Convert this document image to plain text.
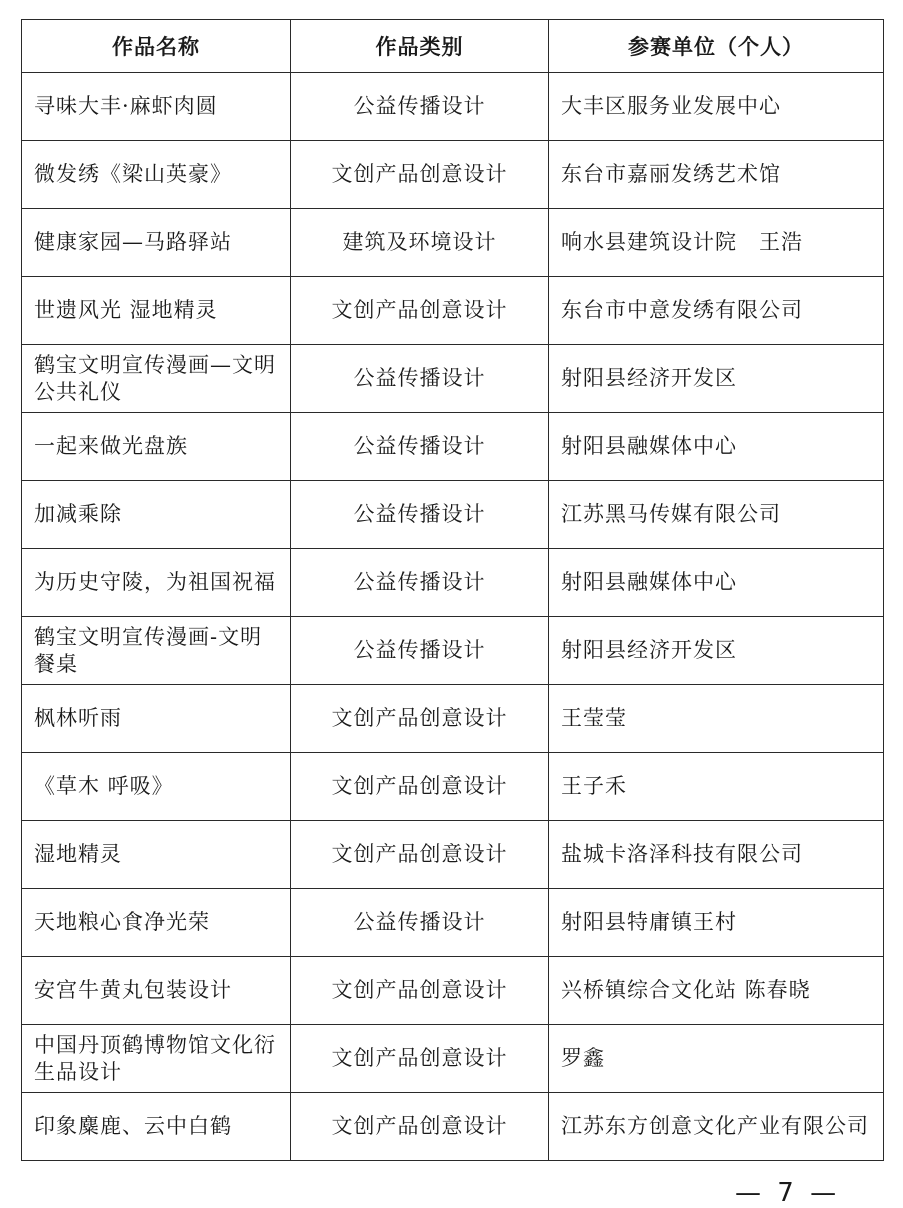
作品名称	作品类别	参赛单位（个人）
寻味大丰·麻虾肉圆	公益传播设计	大丰区服务业发展中心
微发绣《梁山英豪》	文创产品创意设计	东台市嘉丽发绣艺术馆
健康家园—马路驿站	建筑及环境设计	响水县建筑设计院　王浩
世遗风光 湿地精灵	文创产品创意设计	东台市中意发绣有限公司
鹤宝文明宣传漫画—文明公共礼仪	公益传播设计	射阳县经济开发区
一起来做光盘族	公益传播设计	射阳县融媒体中心
加减乘除	公益传播设计	江苏黑马传媒有限公司
为历史守陵，为祖国祝福	公益传播设计	射阳县融媒体中心
鹤宝文明宣传漫画-文明餐桌	公益传播设计	射阳县经济开发区
枫林听雨	文创产品创意设计	王莹莹
《草木 呼吸》	文创产品创意设计	王子禾
湿地精灵	文创产品创意设计	盐城卡洛泽科技有限公司
天地粮心食净光荣	公益传播设计	射阳县特庸镇王村
安宫牛黄丸包装设计	文创产品创意设计	兴桥镇综合文化站 陈春晓
中国丹顶鹤博物馆文化衍生品设计	文创产品创意设计	罗鑫
印象麋鹿、云中白鹤	文创产品创意设计	江苏东方创意文化产业有限公司
— 7 —
